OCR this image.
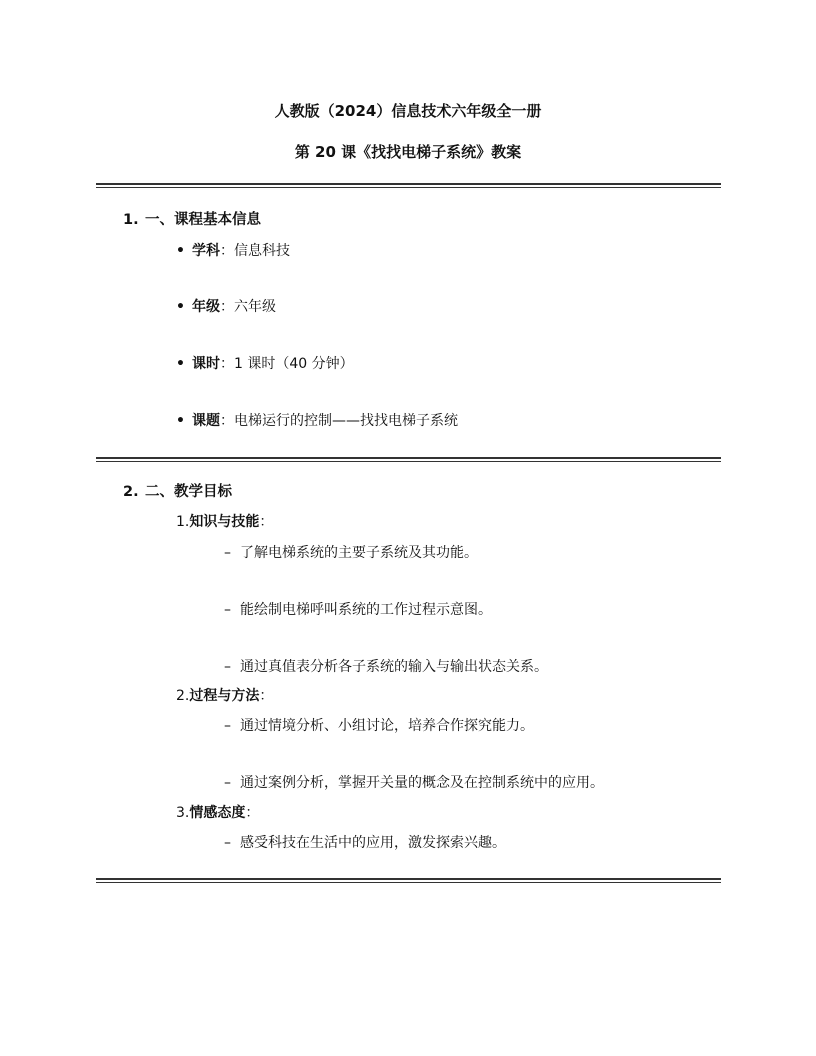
人教版（2024）信息技术六年级全一册
第 20 课《找找电梯子系统》教案
1. 一、课程基本信息
• 学科：信息科技
• 年级：六年级
• 课时：1 课时（40 分钟）
• 课题：电梯运行的控制——找找电梯子系统
2. 二、教学目标
1.知识与技能：
– 了解电梯系统的主要子系统及其功能。
– 能绘制电梯呼叫系统的工作过程示意图。
– 通过真值表分析各子系统的输入与输出状态关系。
2.过程与方法：
– 通过情境分析、小组讨论，培养合作探究能力。
– 通过案例分析，掌握开关量的概念及在控制系统中的应用。
3.情感态度：
– 感受科技在生活中的应用，激发探索兴趣。
